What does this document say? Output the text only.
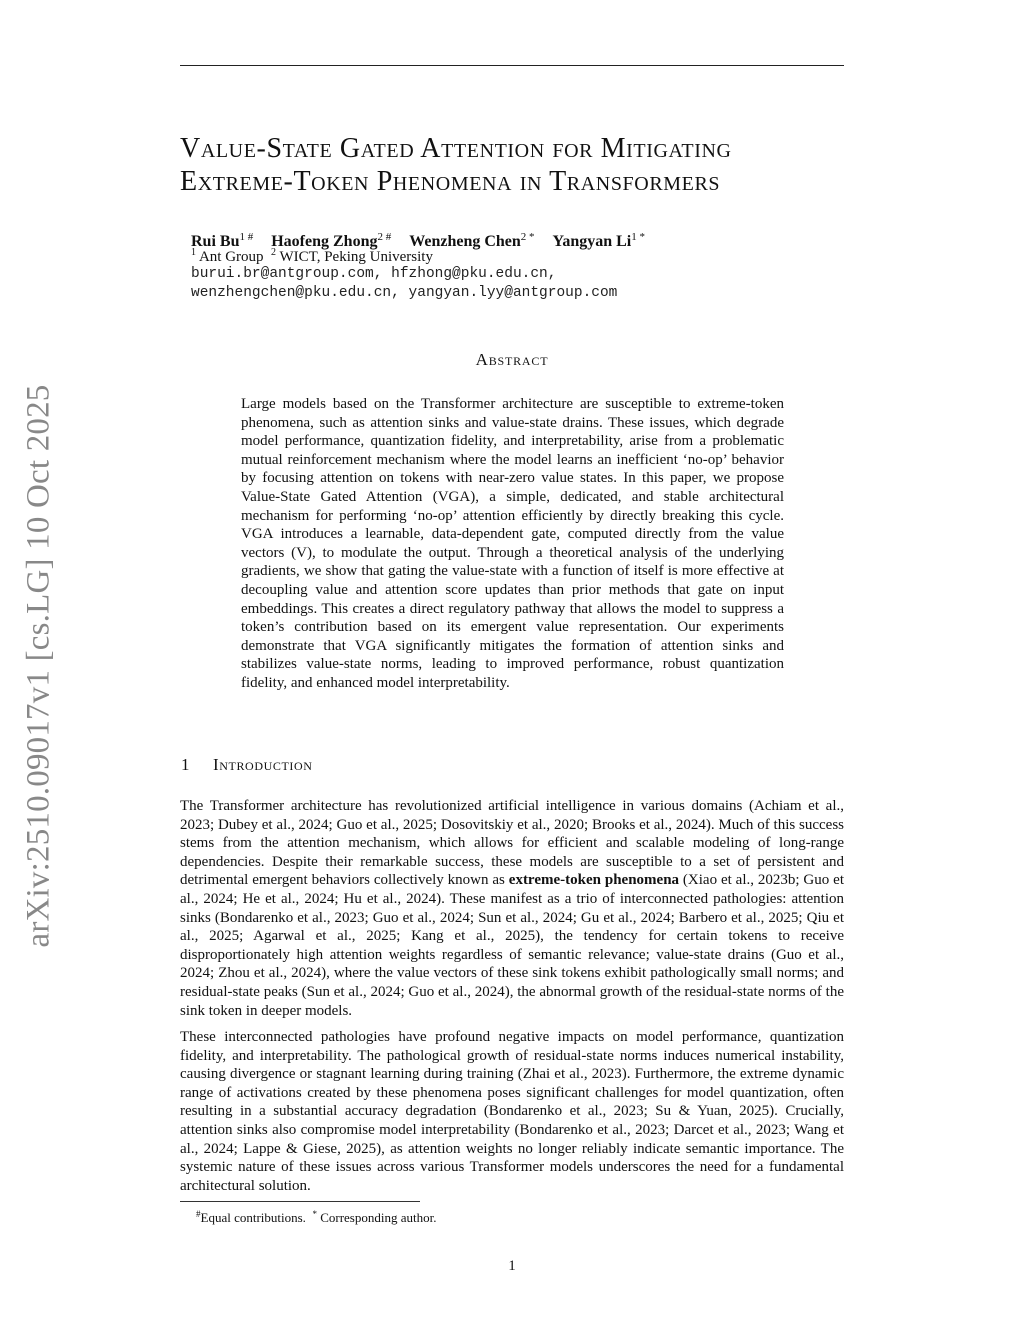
arXiv:2510.09017v1 [cs.LG] 10 Oct 2025
Value-State Gated Attention for Mitigating
Extreme-Token Phenomena in Transformers
Rui $Bu^{1 \#}$ Haofeng Zhong$^{2 \#}$ Wenzheng Chen$^{2 *}$ Yangyan $Li^{1 *}$
$^1$ Ant Group $^2$ WICT, Peking University
burui.br@antgroup.com, hfzhong@pku.edu.cn,
wenzhengchen@pku.edu.cn, yangyan.lyy@antgroup.com
Abstract
Large models based on the Transformer architecture are susceptible to extreme-token phenomena, such as attention sinks and value-state drains. These issues, which degrade model performance, quantization fidelity, and interpretability, arise from a problematic mutual reinforcement mechanism where the model learns an inefficient ‘no-op’ behavior by focusing attention on tokens with near-zero value states. In this paper, we propose Value-State Gated Attention (VGA), a simple, dedicated, and stable architectural mechanism for performing ‘no-op’ attention efficiently by directly breaking this cycle. VGA introduces a learnable, data-dependent gate, computed directly from the value vectors (V), to modulate the output. Through a theoretical analysis of the underlying gradients, we show that gating the value-state with a function of itself is more effective at decoupling value and attention score updates than prior methods that gate on input embeddings. This creates a direct regulatory pathway that allows the model to suppress a token’s contribution based on its emergent value representation. Our experiments demonstrate that VGA significantly mitigates the formation of attention sinks and stabilizes value-state norms, leading to improved performance, robust quantization fidelity, and enhanced model interpretability.
1 Introduction
The Transformer architecture has revolutionized artificial intelligence in various domains (Achiam et al., 2023; Dubey et al., 2024; Guo et al., 2025; Dosovitskiy et al., 2020; Brooks et al., 2024). Much of this success stems from the attention mechanism, which allows for efficient and scalable modeling of long-range dependencies. Despite their remarkable success, these models are susceptible to a set of persistent and detrimental emergent behaviors collectively known as extreme-token phenomena (Xiao et al., 2023b; Guo et al., 2024; He et al., 2024; Hu et al., 2024). These manifest as a trio of interconnected pathologies: attention sinks (Bondarenko et al., 2023; Guo et al., 2024; Sun et al., 2024; Gu et al., 2024; Barbero et al., 2025; Qiu et al., 2025; Agarwal et al., 2025; Kang et al., 2025), the tendency for certain tokens to receive disproportionately high attention weights regardless of semantic relevance; value-state drains (Guo et al., 2024; Zhou et al., 2024), where the value vectors of these sink tokens exhibit pathologically small norms; and residual-state peaks (Sun et al., 2024; Guo et al., 2024), the abnormal growth of the residual-state norms of the sink token in deeper models.
These interconnected pathologies have profound negative impacts on model performance, quantization fidelity, and interpretability. The pathological growth of residual-state norms induces numerical instability, causing divergence or stagnant learning during training (Zhai et al., 2023). Furthermore, the extreme dynamic range of activations created by these phenomena poses significant challenges for model quantization, often resulting in a substantial accuracy degradation (Bondarenko et al., 2023; Su & Yuan, 2025). Crucially, attention sinks also compromise model interpretability (Bondarenko et al., 2023; Darcet et al., 2023; Wang et al., 2024; Lappe & Giese, 2025), as attention weights no longer reliably indicate semantic importance. The systemic nature of these issues across various Transformer models underscores the need for a fundamental architectural solution.
#Equal contributions. * Corresponding author.
1
